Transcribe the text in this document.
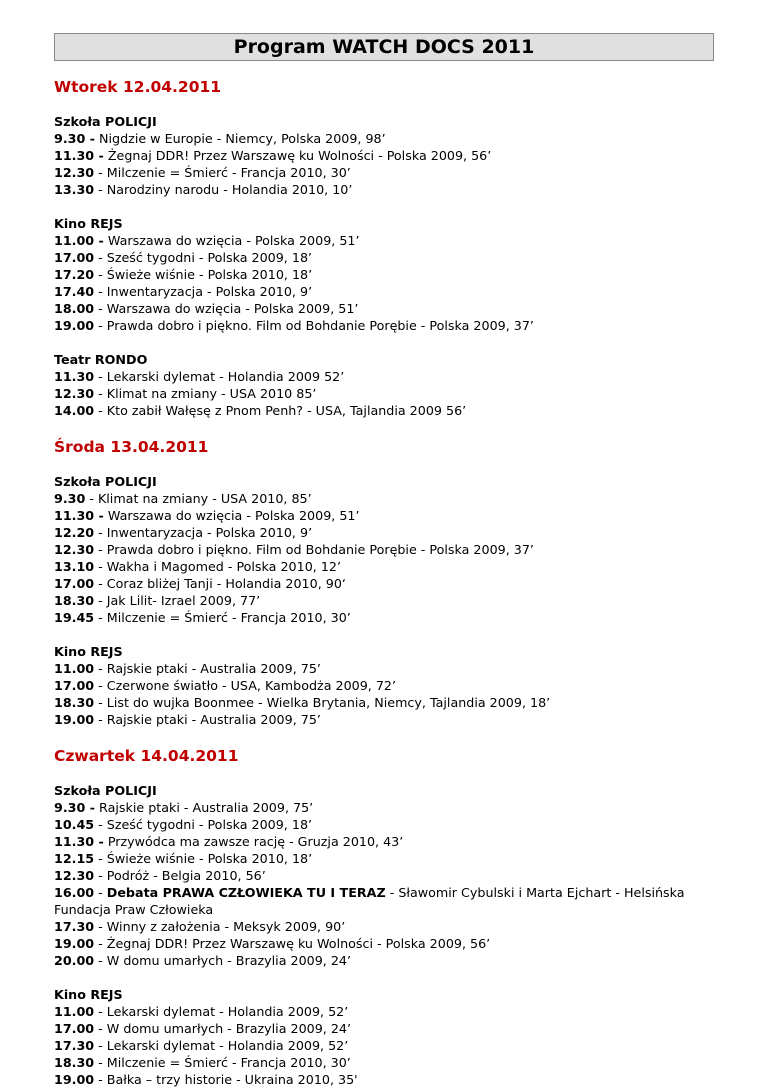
Program WATCH DOCS 2011
Wtorek 12.04.2011
Szkoła POLICJI
9.30 - Nigdzie w Europie - Niemcy, Polska 2009, 98’
11.30 - Żegnaj DDR! Przez Warszawę ku Wolności - Polska 2009, 56’
12.30 - Milczenie = Śmierć - Francja 2010, 30’
13.30 - Narodziny narodu - Holandia 2010, 10’
Kino REJS
11.00 - Warszawa do wzięcia - Polska 2009, 51’
17.00 - Sześć tygodni - Polska 2009, 18’
17.20 - Świeże wiśnie - Polska 2010, 18’
17.40 - Inwentaryzacja - Polska 2010, 9’
18.00 - Warszawa do wzięcia - Polska 2009, 51’
19.00 - Prawda dobro i piękno. Film od Bohdanie Porębie - Polska 2009, 37’
Teatr RONDO
11.30 - Lekarski dylemat - Holandia 2009 52’
12.30 - Klimat na zmiany - USA 2010 85’
14.00 - Kto zabił Wałęsę z Pnom Penh? - USA, Tajlandia 2009 56’
Środa 13.04.2011
Szkoła POLICJI
9.30 - Klimat na zmiany - USA 2010, 85’
11.30 - Warszawa do wzięcia - Polska 2009, 51’
12.20 - Inwentaryzacja - Polska 2010, 9’
12.30 - Prawda dobro i piękno. Film od Bohdanie Porębie - Polska 2009, 37’
13.10 - Wakha i Magomed - Polska 2010, 12’
17.00 - Coraz bliżej Tanji - Holandia 2010, 90‘
18.30 - Jak Lilit- Izrael 2009, 77’
19.45 - Milczenie = Śmierć - Francja 2010, 30’
Kino REJS
11.00 - Rajskie ptaki - Australia 2009, 75’
17.00 - Czerwone światło - USA, Kambodża 2009, 72’
18.30 - List do wujka Boonmee - Wielka Brytania, Niemcy, Tajlandia 2009, 18’
19.00 - Rajskie ptaki - Australia 2009, 75’
Czwartek 14.04.2011
Szkoła POLICJI
9.30 - Rajskie ptaki - Australia 2009, 75’
10.45 - Sześć tygodni - Polska 2009, 18’
11.30 - Przywódca ma zawsze rację - Gruzja 2010, 43’
12.15 - Świeże wiśnie - Polska 2010, 18’
12.30 - Podróż - Belgia 2010, 56’
16.00 - Debata PRAWA CZŁOWIEKA TU I TERAZ - Sławomir Cybulski i Marta Ejchart - Helsińska Fundacja Praw Człowieka
17.30 - Winny z założenia - Meksyk 2009, 90’
19.00 - Żegnaj DDR! Przez Warszawę ku Wolności - Polska 2009, 56’
20.00 - W domu umarłych - Brazylia 2009, 24’
Kino REJS
11.00 - Lekarski dylemat - Holandia 2009, 52’
17.00 - W domu umarłych - Brazylia 2009, 24’
17.30 - Lekarski dylemat - Holandia 2009, 52’
18.30 - Milczenie = Śmierć - Francja 2010, 30’
19.00 - Bałka – trzy historie - Ukraina 2010, 35'
